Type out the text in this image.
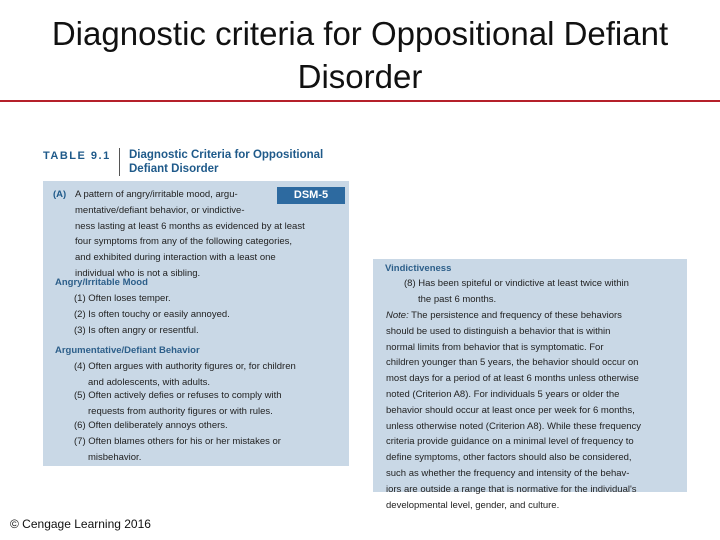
Diagnostic criteria for Oppositional Defiant
Disorder
TABLE 9.1 Diagnostic Criteria for Oppositional
Defiant Disorder
DSM-5
(A) A pattern of angry/irritable mood, argu-
mentative/defiant behavior, or vindictive-
ness lasting at least 6 months as evidenced by at least
four symptoms from any of the following categories,
and exhibited during interaction with a least one
individual who is not a sibling.
Angry/Irritable Mood
(1) Often loses temper.
(2) Is often touchy or easily annoyed.
(3) Is often angry or resentful.
Argumentative/Defiant Behavior
(4) Often argues with authority figures or, for children
and adolescents, with adults.
(5) Often actively defies or refuses to comply with
requests from authority figures or with rules.
(6) Often deliberately annoys others.
(7) Often blames others for his or her mistakes or
misbehavior.
Vindictiveness
(8) Has been spiteful or vindictive at least twice within
the past 6 months.
Note: The persistence and frequency of these behaviors
should be used to distinguish a behavior that is within
normal limits from behavior that is symptomatic. For
children younger than 5 years, the behavior should occur on
most days for a period of at least 6 months unless otherwise
noted (Criterion A8). For individuals 5 years or older the
behavior should occur at least once per week for 6 months,
unless otherwise noted (Criterion A8). While these frequency
criteria provide guidance on a minimal level of frequency to
define symptoms, other factors should also be considered,
such as whether the frequency and intensity of the behav-
iors are outside a range that is normative for the individual's
developmental level, gender, and culture.
© Cengage Learning 2016
